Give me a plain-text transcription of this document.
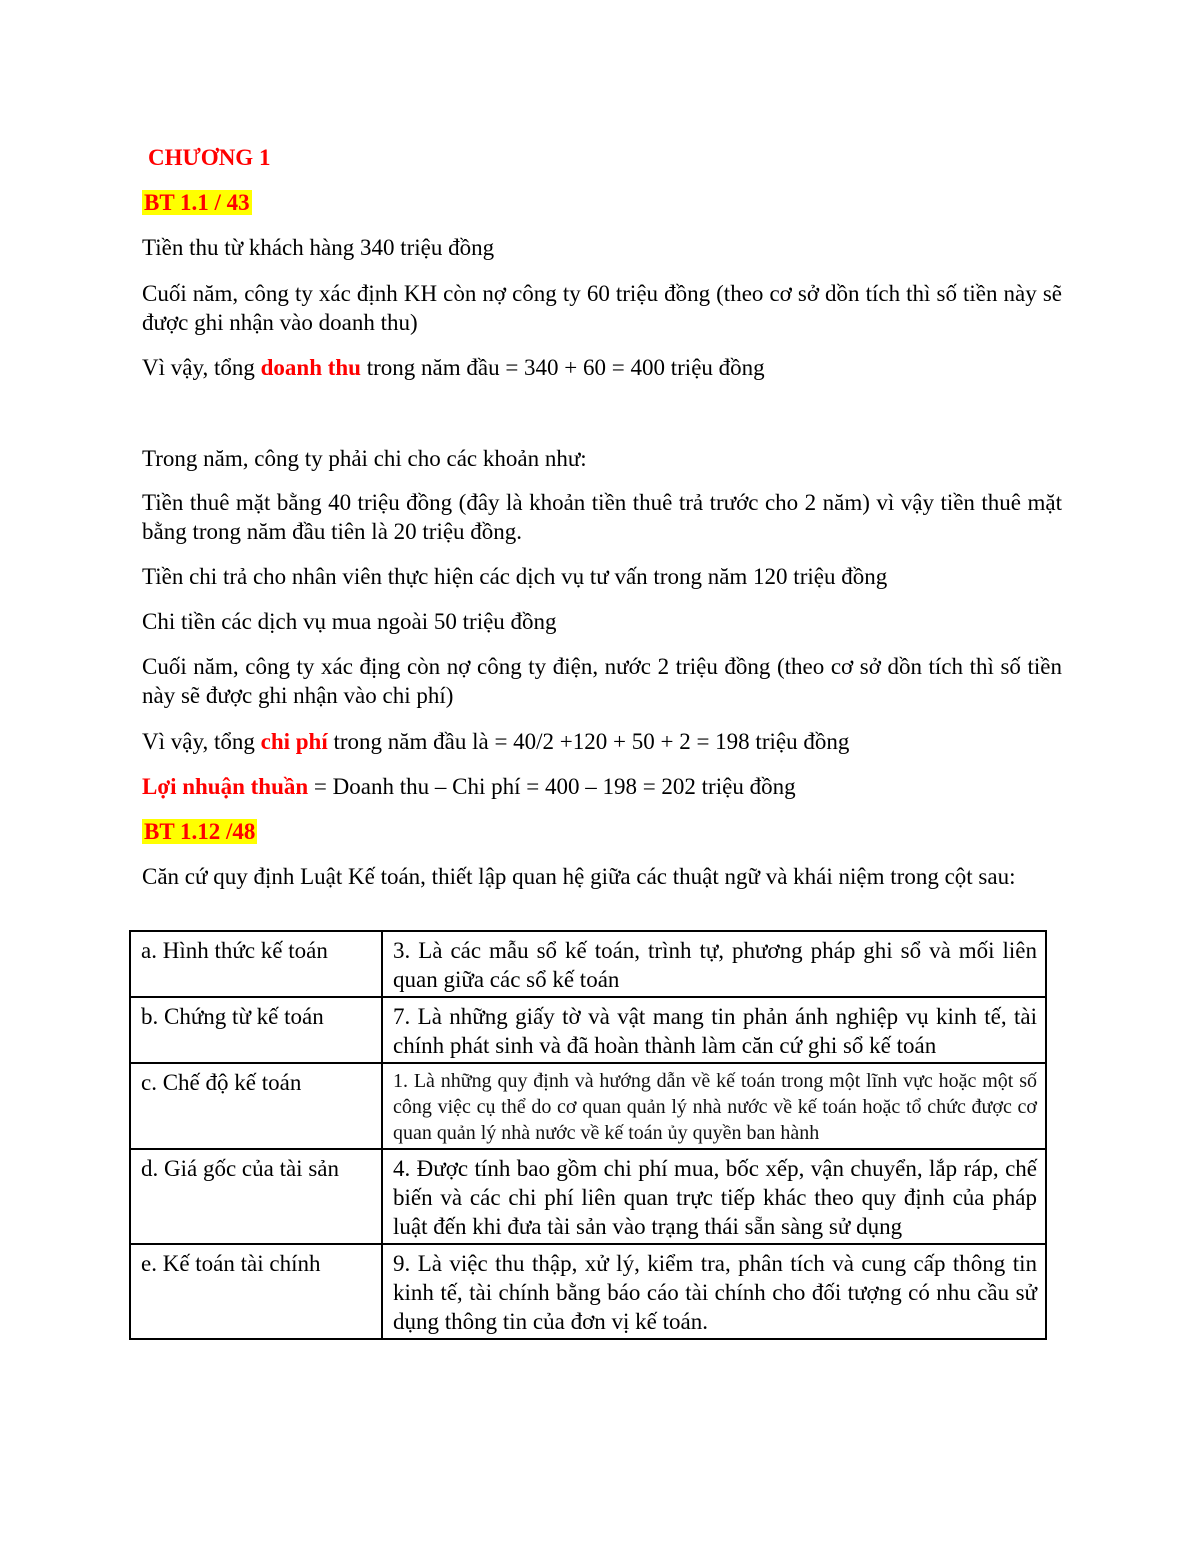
CHƯƠNG 1

BT 1.1 / 43

Tiền thu từ khách hàng 340 triệu đồng

Cuối năm, công ty xác định KH còn nợ công ty 60 triệu đồng (theo cơ sở dồn tích thì số tiền này sẽ được ghi nhận vào doanh thu)

Vì vậy, tổng doanh thu trong năm đầu = 340 + 60 = 400 triệu đồng

Trong năm, công ty phải chi cho các khoản như:

Tiền thuê mặt bằng 40 triệu đồng (đây là khoản tiền thuê trả trước cho 2 năm) vì vậy tiền thuê mặt bằng trong năm đầu tiên là 20 triệu đồng.

Tiền chi trả cho nhân viên thực hiện các dịch vụ tư vấn trong năm 120 triệu đồng

Chi tiền các dịch vụ mua ngoài 50 triệu đồng

Cuối năm, công ty xác địng còn nợ công ty điện, nước 2 triệu đồng (theo cơ sở dồn tích thì số tiền này sẽ được ghi nhận vào chi phí)

Vì vậy, tổng chi phí trong năm đầu là = 40/2 +120 + 50 + 2 = 198 triệu đồng

Lợi nhuận thuần = Doanh thu – Chi phí = 400 – 198 = 202 triệu đồng

BT 1.12 /48

Căn cứ quy định Luật Kế toán, thiết lập quan hệ giữa các thuật ngữ và khái niệm trong cột sau:

a. Hình thức kế toán	3. Là các mẫu sổ kế toán, trình tự, phương pháp ghi sổ và mối liên quan giữa các sổ kế toán
b. Chứng từ kế toán	7. Là những giấy tờ và vật mang tin phản ánh nghiệp vụ kinh tế, tài chính phát sinh và đã hoàn thành làm căn cứ ghi sổ kế toán
c. Chế độ kế toán	1. Là những quy định và hướng dẫn về kế toán trong một lĩnh vực hoặc một số công việc cụ thể do cơ quan quản lý nhà nước về kế toán hoặc tổ chức được cơ quan quản lý nhà nước về kế toán ủy quyền ban hành
d. Giá gốc của tài sản	4. Được tính bao gồm chi phí mua, bốc xếp, vận chuyển, lắp ráp, chế biến và các chi phí liên quan trực tiếp khác theo quy định của pháp luật đến khi đưa tài sản vào trạng thái sẵn sàng sử dụng
e. Kế toán tài chính	9. Là việc thu thập, xử lý, kiểm tra, phân tích và cung cấp thông tin kinh tế, tài chính bằng báo cáo tài chính cho đối tượng có nhu cầu sử dụng thông tin của đơn vị kế toán.
